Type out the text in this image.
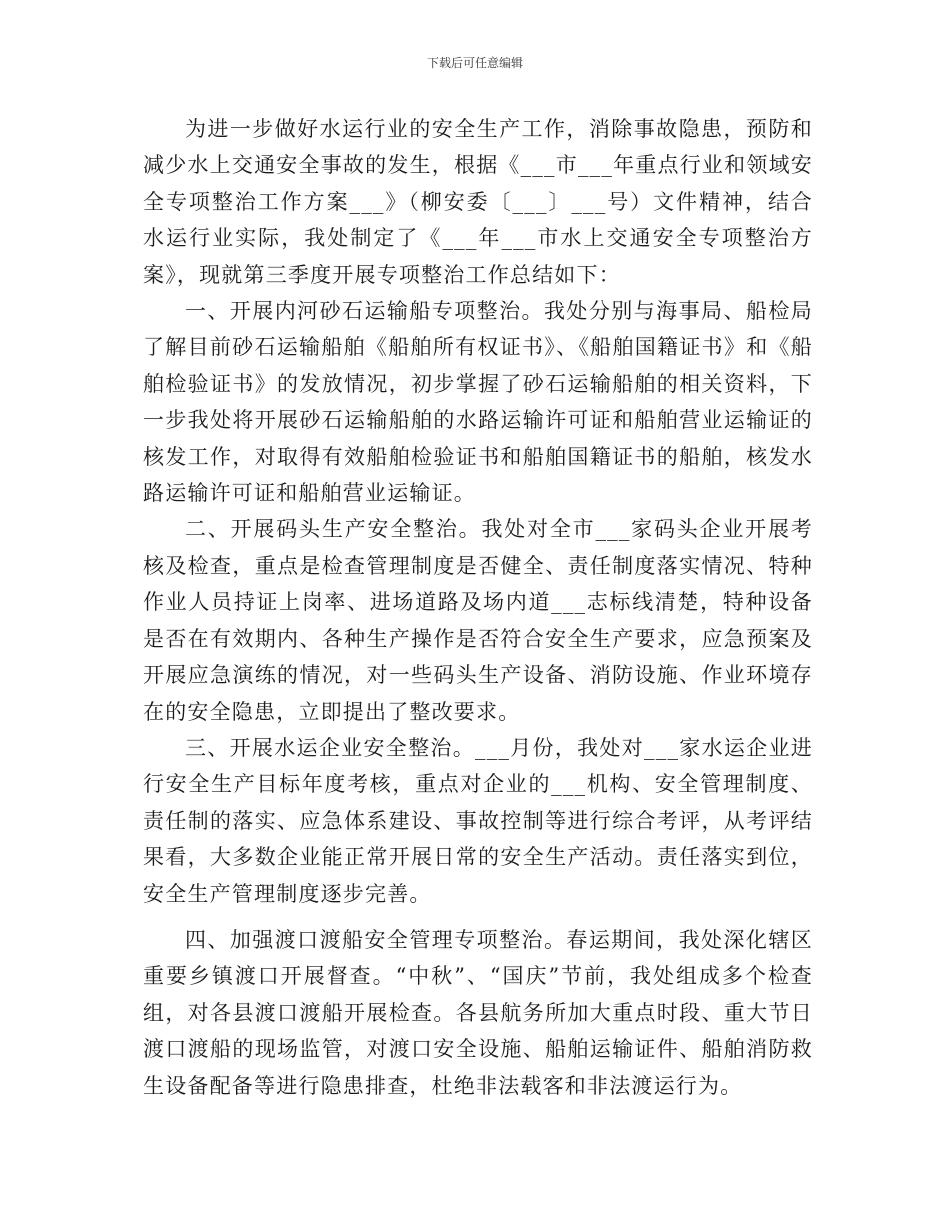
下载后可任意编辑

为进一步做好水运行业的安全生产工作，消除事故隐患，预防和减少水上交通安全事故的发生，根据《___市___年重点行业和领域安全专项整治工作方案___》（柳安委〔___〕___号）文件精神，结合水运行业实际，我处制定了《___年___市水上交通安全专项整治方案》，现就第三季度开展专项整治工作总结如下：

一、开展内河砂石运输船专项整治。我处分别与海事局、船检局了解目前砂石运输船舶《船舶所有权证书》、《船舶国籍证书》和《船舶检验证书》的发放情况，初步掌握了砂石运输船舶的相关资料，下一步我处将开展砂石运输船舶的水路运输许可证和船舶营业运输证的核发工作，对取得有效船舶检验证书和船舶国籍证书的船舶，核发水路运输许可证和船舶营业运输证。

二、开展码头生产安全整治。我处对全市___家码头企业开展考核及检查，重点是检查管理制度是否健全、责任制度落实情况、特种作业人员持证上岗率、进场道路及场内道___志标线清楚，特种设备是否在有效期内、各种生产操作是否符合安全生产要求，应急预案及开展应急演练的情况，对一些码头生产设备、消防设施、作业环境存在的安全隐患，立即提出了整改要求。

三、开展水运企业安全整治。___月份，我处对___家水运企业进行安全生产目标年度考核，重点对企业的___机构、安全管理制度、责任制的落实、应急体系建设、事故控制等进行综合考评，从考评结果看，大多数企业能正常开展日常的安全生产活动。责任落实到位，安全生产管理制度逐步完善。

四、加强渡口渡船安全管理专项整治。春运期间，我处深化辖区重要乡镇渡口开展督查。“中秋”、“国庆”节前，我处组成多个检查组，对各县渡口渡船开展检查。各县航务所加大重点时段、重大节日渡口渡船的现场监管，对渡口安全设施、船舶运输证件、船舶消防救生设备配备等进行隐患排查，杜绝非法载客和非法渡运行为。
